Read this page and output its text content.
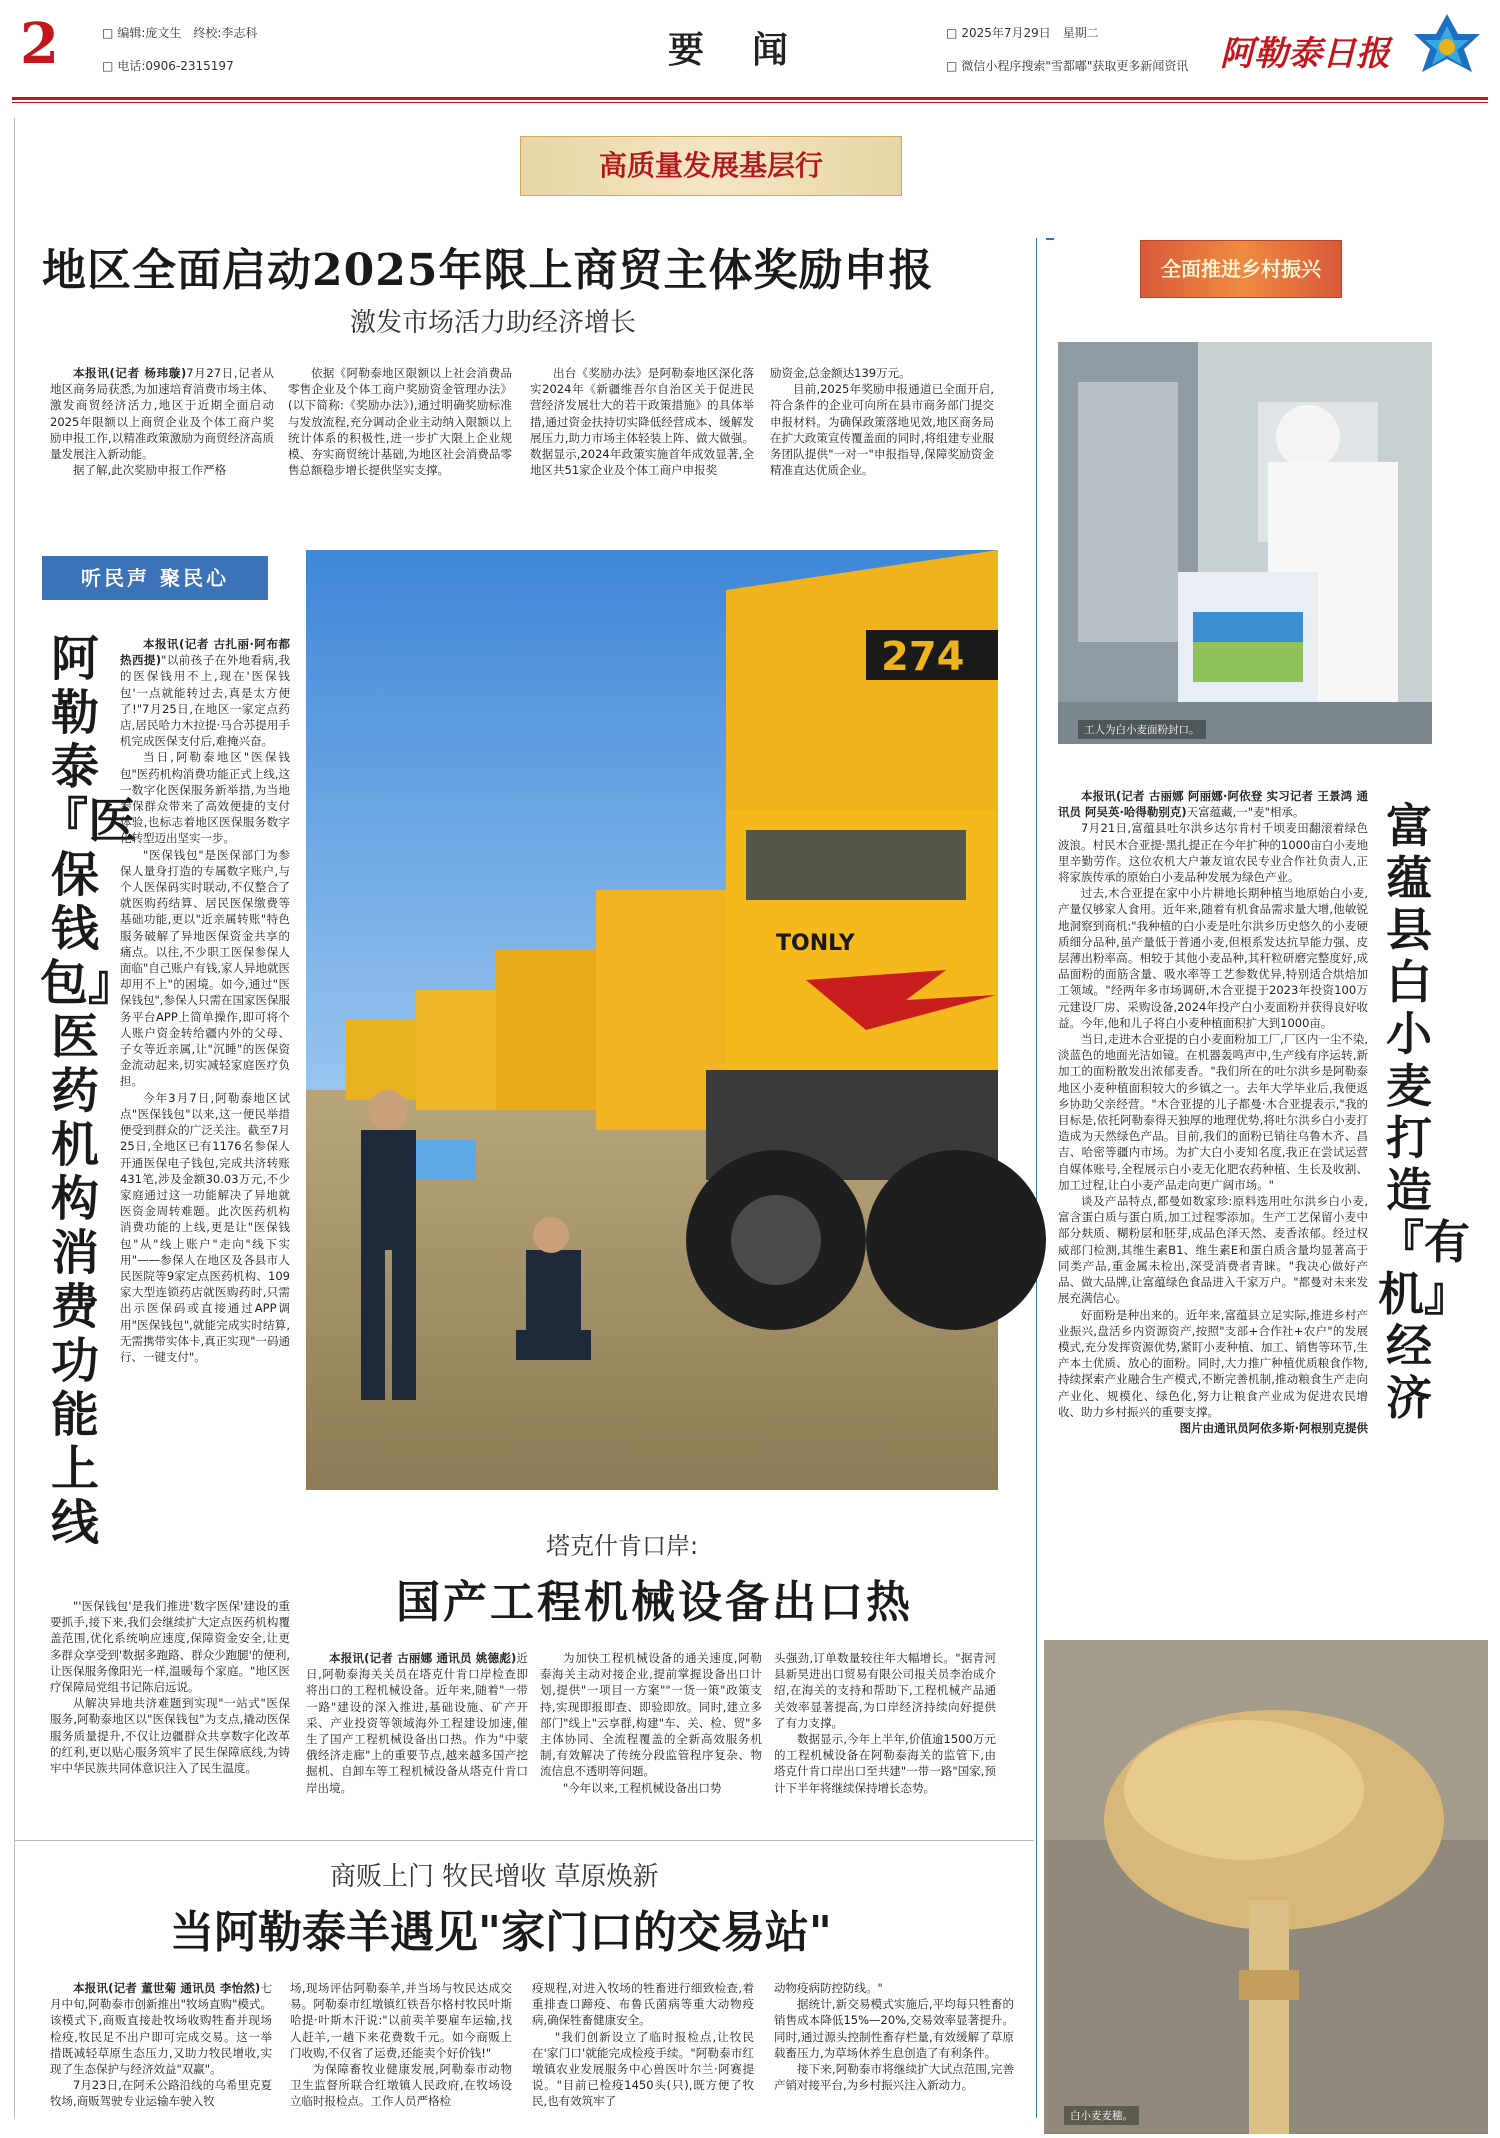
2	□ 编辑:庞文生　终校:李志科
□ 电话:0906-2315197	要　闻	□ 2025年7月29日　星期二
□ 微信小程序搜索"雪都嘟"获取更多新闻资讯 阿勒泰日报
高质量发展基层行
地区全面启动2025年限上商贸主体奖励申报
激发市场活力助经济增长

本报讯(记者 杨玮璇)7月27日,记者从地区商务局获悉,为加速培育消费市场主体、激发商贸经济活力,地区于近期全面启动2025年限额以上商贸企业及个体工商户奖励申报工作,以精准政策激励为商贸经济高质量发展注入新动能。

据了解,此次奖励申报工作严格

依据《阿勒泰地区限额以上社会消费品零售企业及个体工商户奖励资金管理办法》(以下简称:《奖励办法》),通过明确奖励标准与发放流程,充分调动企业主动纳入限额以上统计体系的积极性,进一步扩大限上企业规模、夯实商贸统计基础,为地区社会消费品零售总额稳步增长提供坚实支撑。

出台《奖励办法》是阿勒泰地区深化落实2024年《新疆维吾尔自治区关于促进民营经济发展壮大的若干政策措施》的具体举措,通过资金扶持切实降低经营成本、缓解发展压力,助力市场主体轻装上阵、做大做强。数据显示,2024年政策实施首年成效显著,全地区共51家企业及个体工商户申报奖

励资金,总金额达139万元。

目前,2025年奖励申报通道已全面开启,符合条件的企业可向所在县市商务部门提交申报材料。为确保政策落地见效,地区商务局在扩大政策宣传覆盖面的同时,将组建专业服务团队提供"一对一"申报指导,保障奖励资金精准直达优质企业。

听民声 聚民心
阿勒泰『医保钱包』医药机构消费功能上线

本报讯(记者 古扎丽·阿布都热西提)"以前孩子在外地看病,我的医保钱用不上,现在'医保钱包'一点就能转过去,真是太方便了!"7月25日,在地区一家定点药店,居民哈力木拉提·马合苏提用手机完成医保支付后,难掩兴奋。

当日,阿勒泰地区"医保钱包"医药机构消费功能正式上线,这一数字化医保服务新举措,为当地参保群众带来了高效便捷的支付体验,也标志着地区医保服务数字化转型迈出坚实一步。

"医保钱包"是医保部门为参保人量身打造的专属数字账户,与个人医保码实时联动,不仅整合了就医购药结算、居民医保缴费等基础功能,更以"近亲属转账"特色服务破解了异地医保资金共享的痛点。以往,不少职工医保参保人面临"自己账户有钱,家人异地就医却用不上"的困境。如今,通过"医保钱包",参保人只需在国家医保服务平台APP上简单操作,即可将个人账户资金转给疆内外的父母、子女等近亲属,让"沉睡"的医保资金流动起来,切实减轻家庭医疗负担。

今年3月7日,阿勒泰地区试点"医保钱包"以来,这一便民举措便受到群众的广泛关注。截至7月25日,全地区已有1176名参保人开通医保电子钱包,完成共济转账431笔,涉及金额30.03万元,不少家庭通过这一功能解决了异地就医资金周转难题。此次医药机构消费功能的上线,更是让"医保钱包"从"线上账户"走向"线下实用"——参保人在地区及各县市人民医院等9家定点医药机构、109家大型连锁药店就医购药时,只需出示医保码或直接通过APP调用"医保钱包",就能完成实时结算,无需携带实体卡,真正实现"一码通行、一键支付"。

"'医保钱包'是我们推进'数字医保'建设的重要抓手,接下来,我们会继续扩大定点医药机构覆盖范围,优化系统响应速度,保障资金安全,让更多群众享受到'数据多跑路、群众少跑腿'的便利,让医保服务像阳光一样,温暖每个家庭。"地区医疗保障局党组书记陈启远说。

从解决异地共济难题到实现"一站式"医保服务,阿勒泰地区以"医保钱包"为支点,撬动医保服务质量提升,不仅让边疆群众共享数字化改革的红利,更以贴心服务筑牢了民生保障底线,为铸牢中华民族共同体意识注入了民生温度。

274
TONLY
塔克什肯口岸:
国产工程机械设备出口热

本报讯(记者 古丽娜 通讯员 姚德彪)近日,阿勒泰海关关员在塔克什肯口岸检查即将出口的工程机械设备。近年来,随着"一带一路"建设的深入推进,基础设施、矿产开采、产业投资等领域海外工程建设加速,催生了国产工程机械设备出口热。作为"中蒙俄经济走廊"上的重要节点,越来越多国产挖掘机、自卸车等工程机械设备从塔克什肯口岸出境。

为加快工程机械设备的通关速度,阿勒泰海关主动对接企业,提前掌握设备出口计划,提供"一项目一方案""一货一策"政策支持,实现即报即查、即验即放。同时,建立多部门"线上"云享群,构建"车、关、检、贸"多主体协同、全流程覆盖的全新高效服务机制,有效解决了传统分段监管程序复杂、物流信息不透明等问题。

"今年以来,工程机械设备出口势

头强劲,订单数量较往年大幅增长。"据青河县新昊进出口贸易有限公司报关员李治成介绍,在海关的支持和帮助下,工程机械产品通关效率显著提高,为口岸经济持续向好提供了有力支撑。

数据显示,今年上半年,价值逾1500万元的工程机械设备在阿勒泰海关的监管下,由塔克什肯口岸出口至共建"一带一路"国家,预计下半年将继续保持增长态势。

商贩上门 牧民增收 草原焕新
当阿勒泰羊遇见"家门口的交易站"

本报讯(记者 董世菊 通讯员 李怡然)七月中旬,阿勒泰市创新推出"牧场直购"模式。该模式下,商贩直接赴牧场收购牲畜并现场检疫,牧民足不出户即可完成交易。这一举措既减轻草原生态压力,又助力牧民增收,实现了生态保护与经济效益"双赢"。

7月23日,在阿禾公路沿线的乌希里克夏牧场,商贩驾驶专业运输车驶入牧

场,现场评估阿勒泰羊,并当场与牧民达成交易。阿勒泰市红墩镇红铁吾尔格村牧民叶斯哈提·叶斯木汗说:"以前卖羊要雇车运输,找人赶羊,一趟下来花费数千元。如今商贩上门收购,不仅省了运费,还能卖个好价钱!"

为保障畜牧业健康发展,阿勒泰市动物卫生监督所联合红墩镇人民政府,在牧场设立临时报检点。工作人员严格检

疫规程,对进入牧场的牲畜进行细致检查,着重排查口蹄疫、布鲁氏菌病等重大动物疫病,确保牲畜健康安全。

"我们创新设立了临时报检点,让牧民在'家门口'就能完成检疫手续。"阿勒泰市红墩镇农业发展服务中心兽医叶尔兰·阿赛提说。"目前已检疫1450头(只),既方便了牧民,也有效筑牢了

动物疫病防控防线。"

据统计,新交易模式实施后,平均每只牲畜的销售成本降低15%—20%,交易效率显著提升。同时,通过源头控制性畜存栏量,有效缓解了草原载畜压力,为草场休养生息创造了有利条件。

接下来,阿勒泰市将继续扩大试点范围,完善产销对接平台,为乡村振兴注入新动力。

全面推进乡村振兴
工人为白小麦面粉封口。

本报讯(记者 古丽娜 阿丽娜·阿依登 实习记者 王景鸿 通讯员 阿吴英·哈得勒别克)天富蕴藏,一"麦"相承。

7月21日,富蕴县吐尔洪乡达尔肯村千顷麦田翻滚着绿色波浪。村民木合亚提·黑扎提正在今年扩种的1000亩白小麦地里辛勤劳作。这位农机大户兼友谊农民专业合作社负责人,正将家族传承的原始白小麦品种发展为绿色产业。

过去,木合亚提在家中小片耕地长期种植当地原始白小麦,产量仅够家人食用。近年来,随着有机食品需求量大增,他敏锐地洞察到商机:"我种植的白小麦是吐尔洪乡历史悠久的小麦硬质细分品种,虽产量低于普通小麦,但根系发达抗旱能力强、皮层薄出粉率高。相较于其他小麦品种,其秆粒研磨完整度好,成品面粉的面筋含量、吸水率等工艺参数优异,特别适合烘焙加工领域。"经两年多市场调研,木合亚提于2023年投资100万元建设厂房、采购设备,2024年投产白小麦面粉并获得良好收益。今年,他和儿子将白小麦种植面积扩大到1000亩。

当日,走进木合亚提的白小麦面粉加工厂,厂区内一尘不染,淡蓝色的地面光洁如镜。在机器轰鸣声中,生产线有序运转,新加工的面粉散发出浓郁麦香。"我们所在的吐尔洪乡是阿勒泰地区小麦种植面积较大的乡镇之一。去年大学毕业后,我便返乡协助父亲经营。"木合亚提的儿子都曼·木合亚提表示,"我的目标是,依托阿勒泰得天独厚的地理优势,将吐尔洪乡白小麦打造成为天然绿色产品。目前,我们的面粉已销往乌鲁木齐、昌吉、哈密等疆内市场。为扩大白小麦知名度,我正在尝试运营自媒体账号,全程展示白小麦无化肥农药种植、生长及收割、加工过程,让白小麦产品走向更广阔市场。"

谈及产品特点,都曼如数家珍:原料选用吐尔洪乡白小麦,富含蛋白质与蛋白质,加工过程零添加。生产工艺保留小麦中部分麸质、糊粉层和胚芽,成品色泽天然、麦香浓郁。经过权威部门检测,其维生素B1、维生素E和蛋白质含量均显著高于同类产品,重金属未检出,深受消费者青睐。"我决心做好产品、做大品牌,让富蕴绿色食品进入千家万户。"都曼对未来发展充满信心。

好面粉是种出来的。近年来,富蕴县立足实际,推进乡村产业振兴,盘活乡内资源资产,按照"支部+合作社+农户"的发展模式,充分发挥资源优势,紧盯小麦种植、加工、销售等环节,生产本土优质、放心的面粉。同时,大力推广种植优质粮食作物,持续探索产业融合生产模式,不断完善机制,推动粮食生产走向产业化、规模化、绿色化,努力让粮食产业成为促进农民增收、助力乡村振兴的重要支撑。

图片由通讯员阿依多斯·阿根别克提供

富蕴县白小麦打造『有机』经济
白小麦麦穗。
